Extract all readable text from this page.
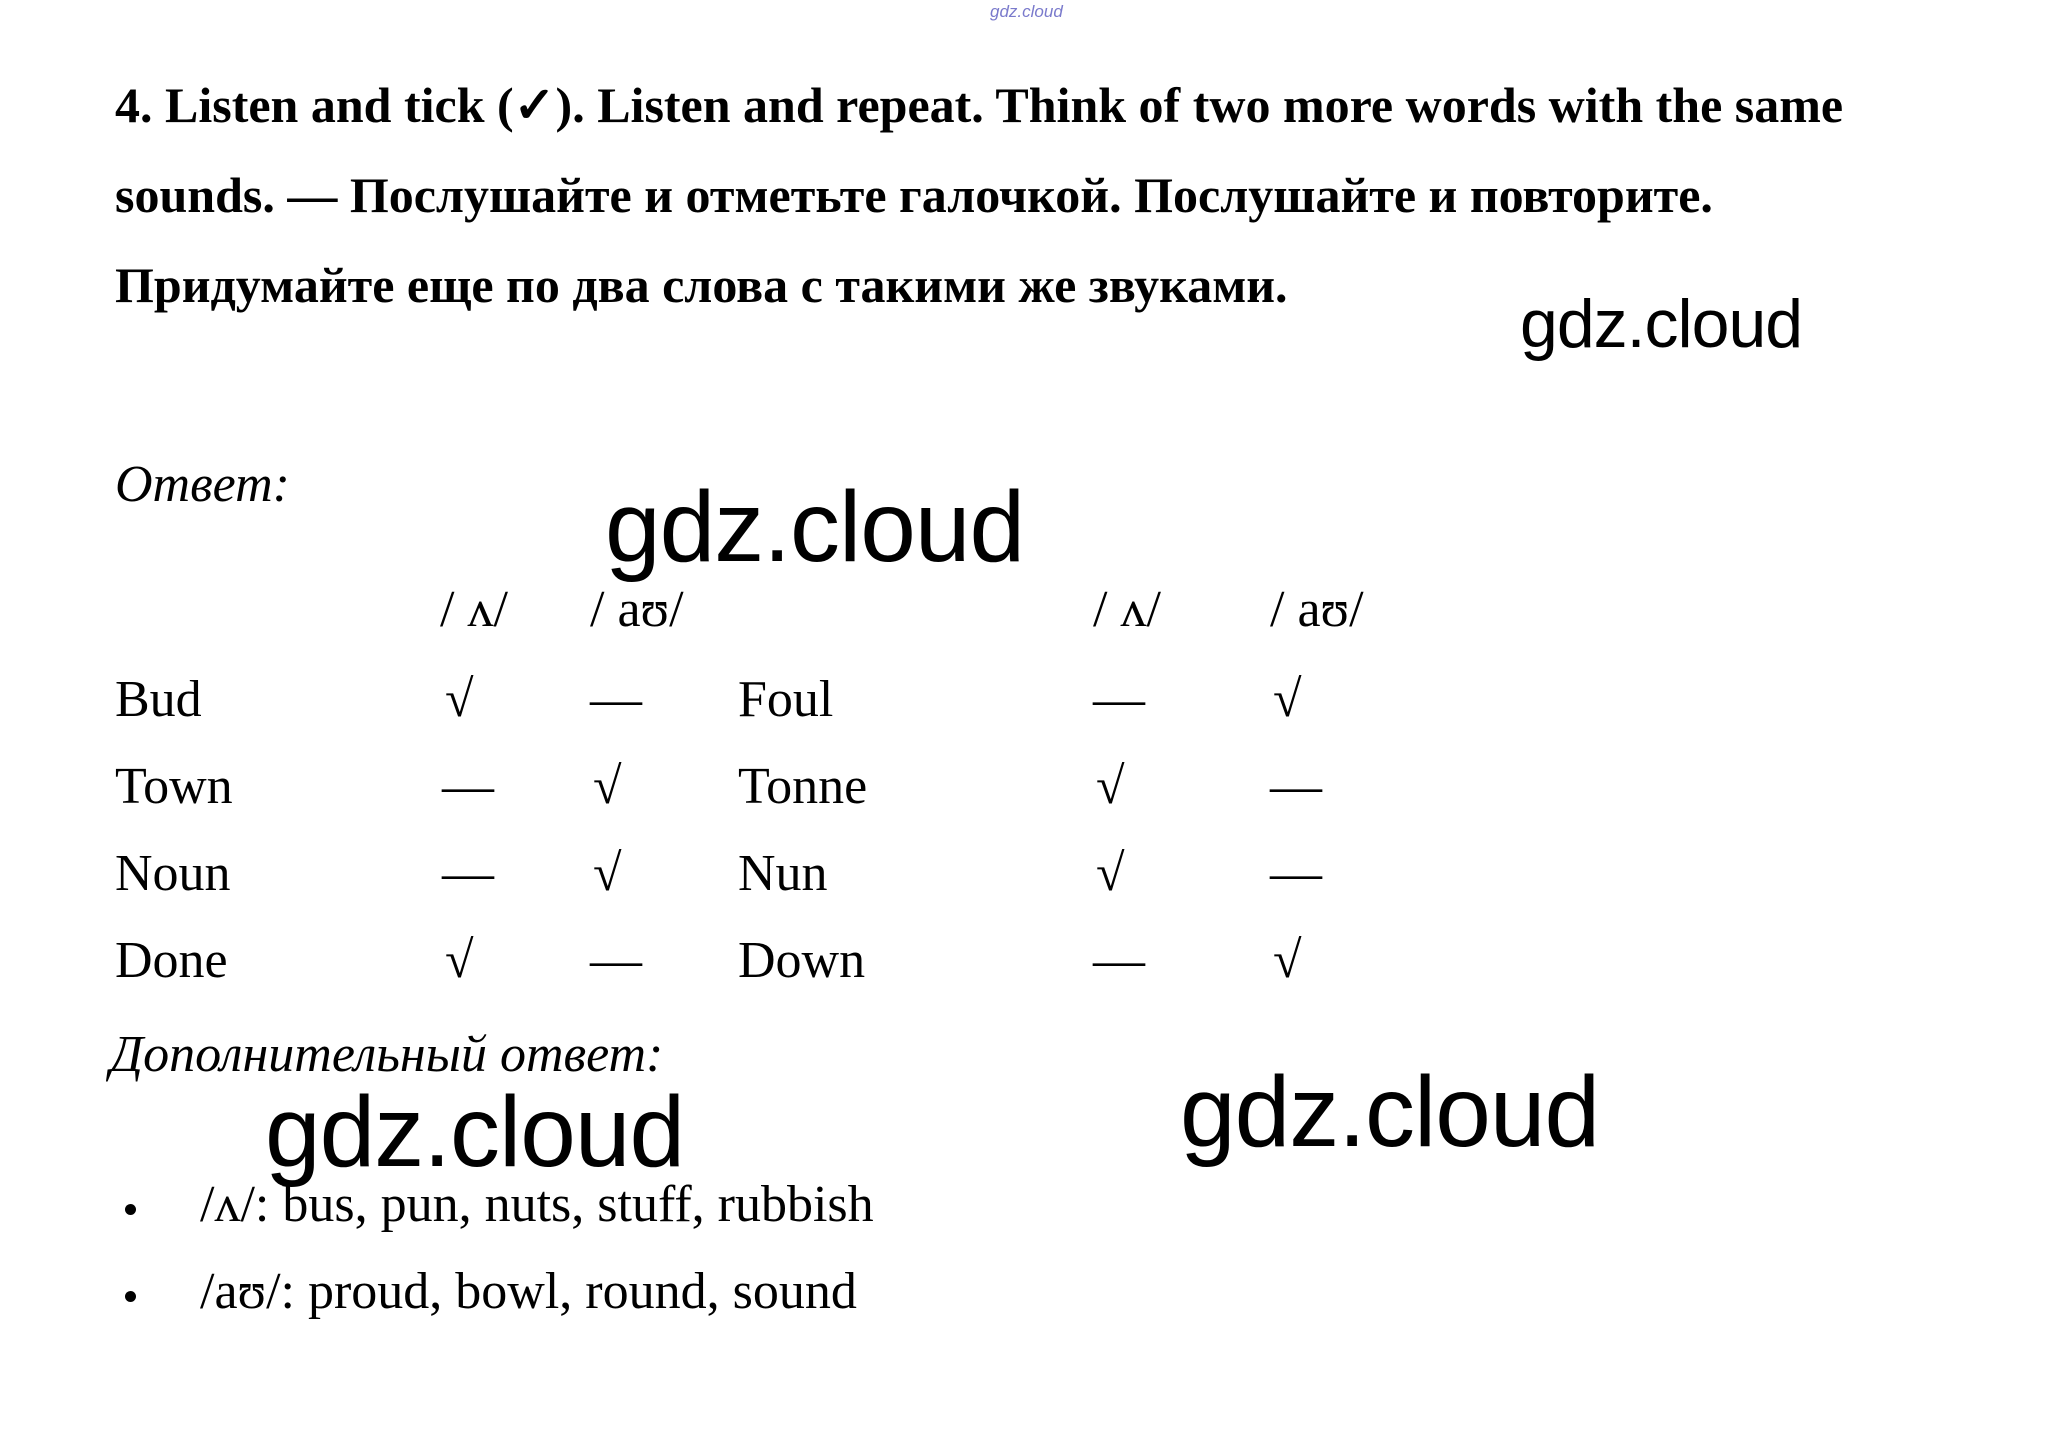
gdz.cloud
4. Listen and tick (✓). Listen and repeat. Think of two more words with the same sounds. — Послушайте и отметьте галочкой. Послушайте и повторите. Придумайте еще по два слова с такими же звуками.
Ответ:
/ ʌ/ / aʊ/	/ ʌ/ / aʊ/
Bud	√ — Foul	— √
Town	— √ Tonne	√	—
Noun	— √ Nun	√	—
Done	√ — Down	— √
Дополнительный ответ:
/ʌ/: bus, pun, nuts, stuff, rubbish
/aʊ/: proud, bowl, round, sound
gdz.cloud
gdz.cloud
gdz.cloud	gdz.cloud
